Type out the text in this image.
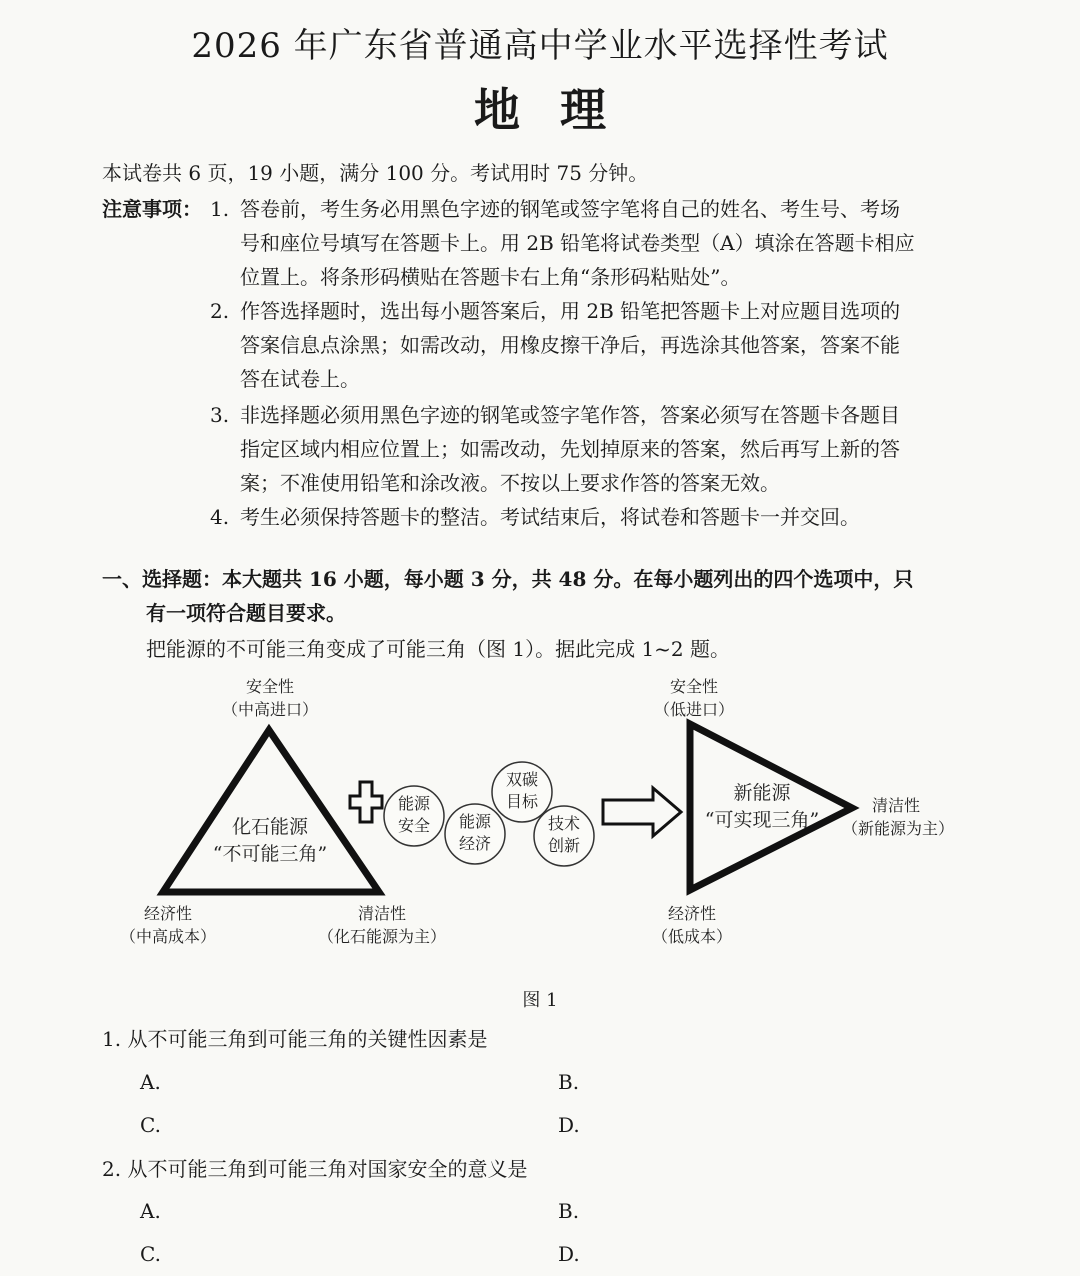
2026 年广东省普通高中学业水平选择性考试
地理
本试卷共 6 页，19 小题，满分 100 分。考试用时 75 分钟。
注意事项： 1. 答卷前，考生务必用黑色字迹的钢笔或签字笔将自己的姓名、考生号、考场
号和座位号填写在答题卡上。用 2B 铅笔将试卷类型（A）填涂在答题卡相应
位置上。将条形码横贴在答题卡右上角“条形码粘贴处”。
2. 作答选择题时，选出每小题答案后，用 2B 铅笔把答题卡上对应题目选项的
答案信息点涂黑；如需改动，用橡皮擦干净后，再选涂其他答案，答案不能
答在试卷上。
3. 非选择题必须用黑色字迹的钢笔或签字笔作答，答案必须写在答题卡各题目
指定区域内相应位置上；如需改动，先划掉原来的答案，然后再写上新的答
案；不准使用铅笔和涂改液。不按以上要求作答的答案无效。
4. 考生必须保持答题卡的整洁。考试结束后，将试卷和答题卡一并交回。
一、选择题：本大题共 16 小题，每小题 3 分，共 48 分。在每小题列出的四个选项中，只
有一项符合题目要求。
把能源的不可能三角变成了可能三角（图 1）。据此完成 1~2 题。
安全性
（中高进口）
化石能源
“不可能三角”
经济性
（中高成本）
清洁性
（化石能源为主）
能源
安全 能源
经济
双碳
目标
技术
创新
安全性
（低进口）
新能源
“可实现三角”
清洁性
（新能源为主）
经济性
（低成本）
图 1
1. 从不可能三角到可能三角的关键性因素是
A.	B.
C.	D.
2. 从不可能三角到可能三角对国家安全的意义是
A.	B.
C.	D.
